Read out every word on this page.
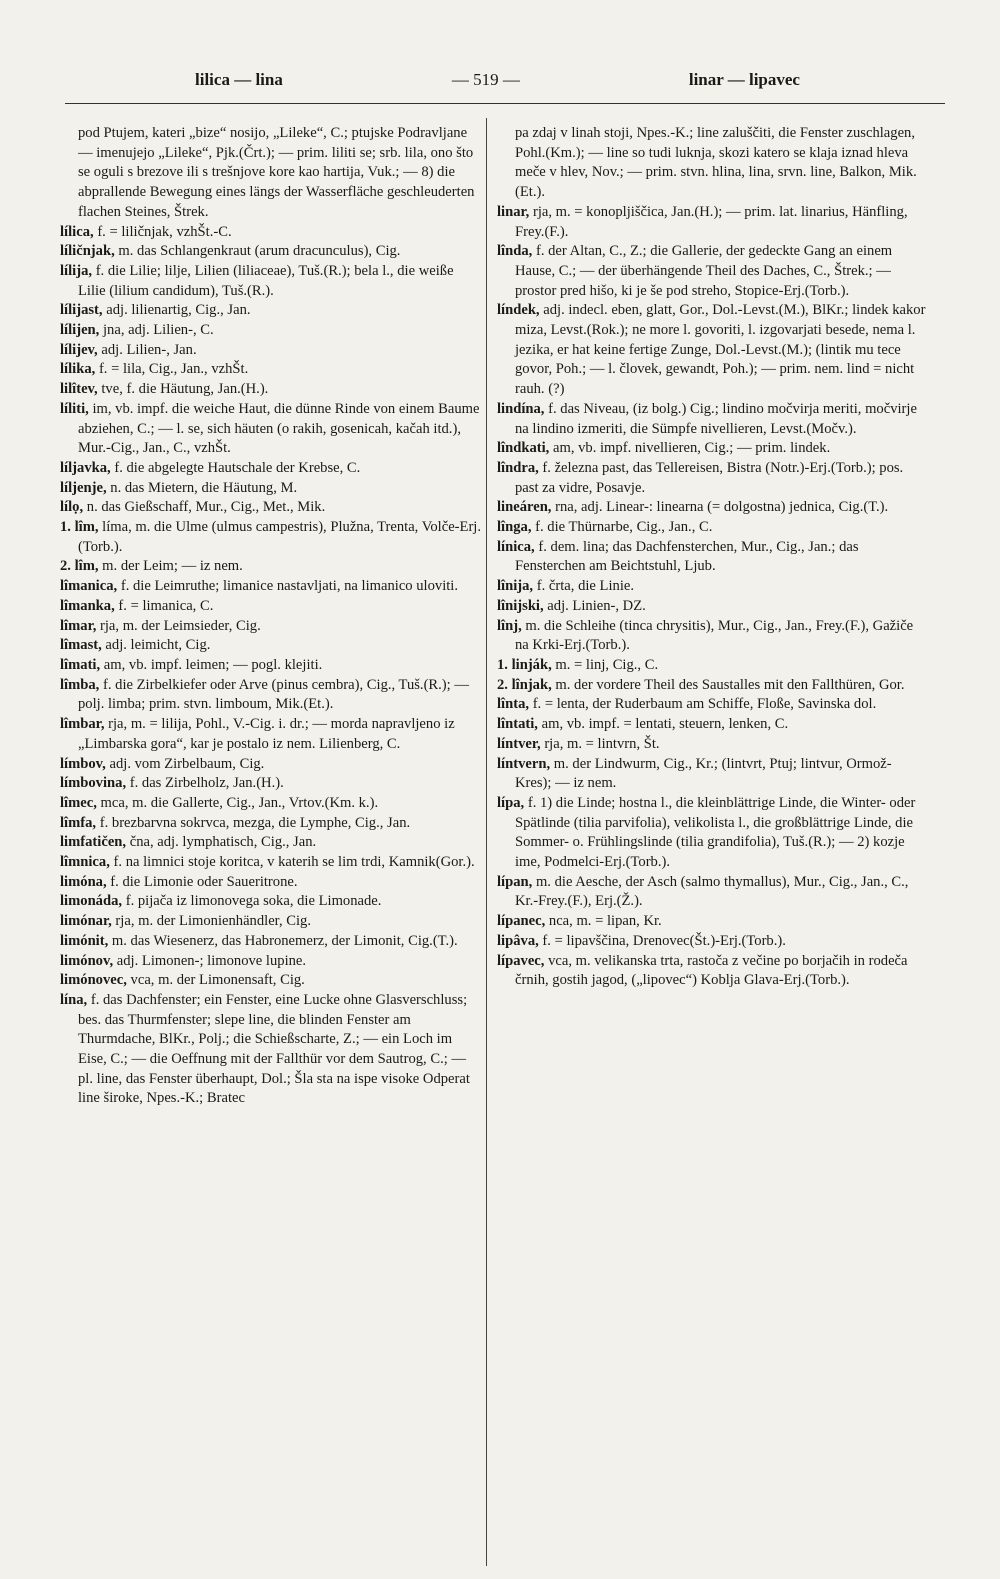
lilica — lina	— 519 —	linar — lipavec

pod Ptujem, kateri „bize“ nosijo, „Lileke“, C.; ptujske Podravljane — imenujejo „Lileke“, Pjk.(Črt.); — prim. liliti se; srb. lila, ono što se oguli s brezove ili s trešnjove kore kao hartija, Vuk.; — 8) die abprallende Bewegung eines längs der Wasserfläche geschleuderten flachen Steines, Štrek.

lílica, f. = liličnjak, vzhŠt.-C.

líličnjak, m. das Schlangenkraut (arum dracunculus), Cig.

lílija, f. die Lilie; lilje, Lilien (liliaceae), Tuš.(R.); bela l., die weiße Lilie (lilium candidum), Tuš.(R.).

lílijast, adj. lilienartig, Cig., Jan.

lílijen, jna, adj. Lilien-, C.

lílijev, adj. Lilien-, Jan.

lílika, f. = lila, Cig., Jan., vzhŠt.

lilîtev, tve, f. die Häutung, Jan.(H.).

líliti, im, vb. impf. die weiche Haut, die dünne Rinde von einem Baume abziehen, C.; — l. se, sich häuten (o rakih, gosenicah, kačah itd.), Mur.-Cig., Jan., C., vzhŠt.

líljavka, f. die abgelegte Hautschale der Krebse, C.

líljenje, n. das Mietern, die Häutung, M.

lílọ, n. das Gießschaff, Mur., Cig., Met., Mik.

1. lîm, líma, m. die Ulme (ulmus campestris), Plužna, Trenta, Volče-Erj.(Torb.).

2. lîm, m. der Leim; — iz nem.

lîmanica, f. die Leimruthe; limanice nastavljati, na limanico uloviti.

lîmanka, f. = limanica, C.

lîmar, rja, m. der Leimsieder, Cig.

lîmast, adj. leimicht, Cig.

lîmati, am, vb. impf. leimen; — pogl. klejiti.

lîmba, f. die Zirbelkiefer oder Arve (pinus cembra), Cig., Tuš.(R.); — polj. limba; prim. stvn. limboum, Mik.(Et.).

lîmbar, rja, m. = lilija, Pohl., V.-Cig. i. dr.; — morda napravljeno iz „Limbarska gora“, kar je postalo iz nem. Lilienberg, C.

límbov, adj. vom Zirbelbaum, Cig.

límbovina, f. das Zirbelholz, Jan.(H.).

lîmec, mca, m. die Gallerte, Cig., Jan., Vrtov.(Km. k.).

lîmfa, f. brezbarvna sokrvca, mezga, die Lymphe, Cig., Jan.

limfatičen, čna, adj. lymphatisch, Cig., Jan.

lîmnica, f. na limnici stoje koritca, v katerih se lim trdi, Kamnik(Gor.).

limóna, f. die Limonie oder Saueritrone.

limonáda, f. pijača iz limonovega soka, die Limonade.

limónar, rja, m. der Limonienhändler, Cig.

limónit, m. das Wiesenerz, das Habronemerz, der Limonit, Cig.(T.).

limónov, adj. Limonen-; limonove lupine.

limónovec, vca, m. der Limonensaft, Cig.

lína, f. das Dachfenster; ein Fenster, eine Lucke ohne Glasverschluss; bes. das Thurmfenster; slepe line, die blinden Fenster am Thurmdache, BlKr., Polj.; die Schießscharte, Z.; — ein Loch im Eise, C.; — die Oeffnung mit der Fallthür vor dem Sautrog, C.; — pl. line, das Fenster überhaupt, Dol.; Šla sta na ispe visoke Odperat line široke, Npes.-K.; Bratec

pa zdaj v linah stoji, Npes.-K.; line zaluščiti, die Fenster zuschlagen, Pohl.(Km.); — line so tudi luknja, skozi katero se klaja iznad hleva meče v hlev, Nov.; — prim. stvn. hlina, lina, srvn. line, Balkon, Mik.(Et.).

linar, rja, m. = konopljiščica, Jan.(H.); — prim. lat. linarius, Hänfling, Frey.(F.).

lînda, f. der Altan, C., Z.; die Gallerie, der gedeckte Gang an einem Hause, C.; — der überhängende Theil des Daches, C., Štrek.; — prostor pred hišo, ki je še pod streho, Stopice-Erj.(Torb.).

líndek, adj. indecl. eben, glatt, Gor., Dol.-Levst.(M.), BlKr.; lindek kakor miza, Levst.(Rok.); ne more l. govoriti, l. izgovarjati besede, nema l. jezika, er hat keine fertige Zunge, Dol.-Levst.(M.); (lintik mu tece govor, Poh.; — l. človek, gewandt, Poh.); — prim. nem. lind = nicht rauh. (?)

lindína, f. das Niveau, (iz bolg.) Cig.; lindino močvirja meriti, močvirje na lindino izmeriti, die Sümpfe nivellieren, Levst.(Močv.).

lîndkati, am, vb. impf. nivellieren, Cig.; — prim. lindek.

lîndra, f. železna past, das Tellereisen, Bistra (Notr.)-Erj.(Torb.); pos. past za vidre, Posavje.

lineáren, rna, adj. Linear-: linearna (= dolgostna) jednica, Cig.(T.).

lînga, f. die Thürnarbe, Cig., Jan., C.

línica, f. dem. lina; das Dachfensterchen, Mur., Cig., Jan.; das Fensterchen am Beichtstuhl, Ljub.

lînija, f. črta, die Linie.

lînijski, adj. Linien-, DZ.

lînj, m. die Schleihe (tinca chrysitis), Mur., Cig., Jan., Frey.(F.), Gažiče na Krki-Erj.(Torb.).

1. linják, m. = linj, Cig., C.

2. lînjak, m. der vordere Theil des Saustalles mit den Fallthüren, Gor.

lînta, f. = lenta, der Ruderbaum am Schiffe, Floße, Savinska dol.

lîntati, am, vb. impf. = lentati, steuern, lenken, C.

líntver, rja, m. = lintvrn, Št.

líntvern, m. der Lindwurm, Cig., Kr.; (lintvrt, Ptuj; lintvur, Ormož-Kres); — iz nem.

lípa, f. 1) die Linde; hostna l., die kleinblättrige Linde, die Winter- oder Spätlinde (tilia parvifolia), velikolista l., die großblättrige Linde, die Sommer- o. Frühlingslinde (tilia grandifolia), Tuš.(R.); — 2) kozje ime, Podmelci-Erj.(Torb.).

lípan, m. die Aesche, der Asch (salmo thymallus), Mur., Cig., Jan., C., Kr.-Frey.(F.), Erj.(Ž.).

lípanec, nca, m. = lipan, Kr.

lipâva, f. = lipavščina, Drenovec(Št.)-Erj.(Torb.).

lípavec, vca, m. velikanska trta, rastoča z večine po borjačih in rodeča črnih, gostih jagod, („lipovec“) Koblja Glava-Erj.(Torb.).
